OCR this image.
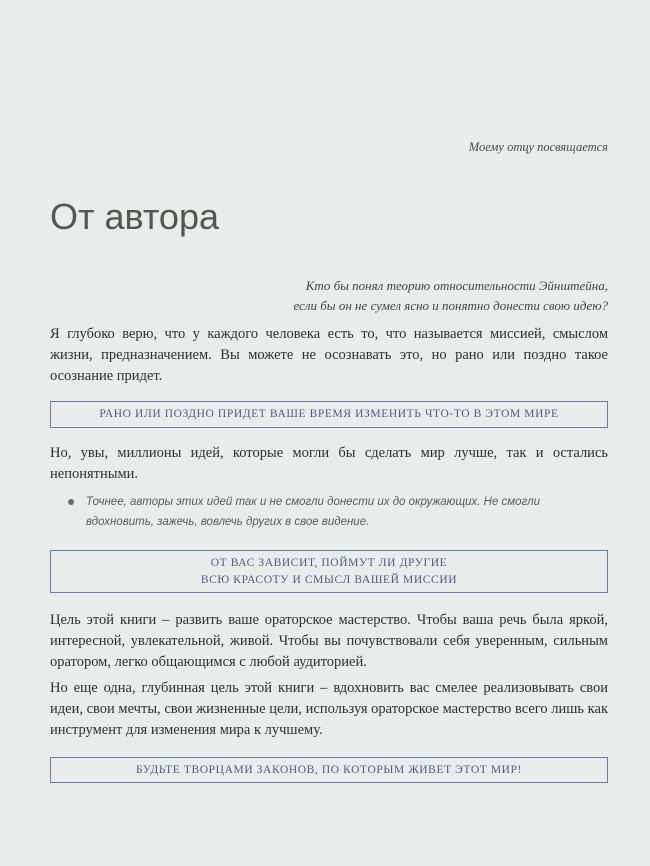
Моему отцу посвящается
От автора
Кто бы понял теорию относительности Эйнштейна,
если бы он не сумел ясно и понятно донести свою идею?

Я глубоко верю, что у каждого человека есть то, что называется миссией, смыслом жизни, предназначением. Вы можете не осознавать это, но рано или поздно такое осознание придет.

РАНО ИЛИ ПОЗДНО ПРИДЕТ ВАШЕ ВРЕМЯ ИЗМЕНИТЬ ЧТО-ТО В ЭТОМ МИРЕ

Но, увы, миллионы идей, которые могли бы сделать мир лучше, так и остались непонятными.

Точнее, авторы этих идей так и не смогли донести их до окружающих. Не смогли вдохновить, зажечь, вовлечь других в свое видение.
ОТ ВАС ЗАВИСИТ, ПОЙМУТ ЛИ ДРУГИЕ
ВСЮ КРАСОТУ И СМЫСЛ ВАШЕЙ МИССИИ

Цель этой книги – развить ваше ораторское мастерство. Чтобы ваша речь была яркой, интересной, увлекательной, живой. Чтобы вы почувствовали себя уверенным, сильным оратором, легко общающимся с любой аудиторией.

Но еще одна, глубинная цель этой книги – вдохновить вас смелее реализовывать свои идеи, свои мечты, свои жизненные цели, используя ораторское мастерство всего лишь как инструмент для изменения мира к лучшему.

БУДЬТЕ ТВОРЦАМИ ЗАКОНОВ, ПО КОТОРЫМ ЖИВЕТ ЭТОТ МИР!
